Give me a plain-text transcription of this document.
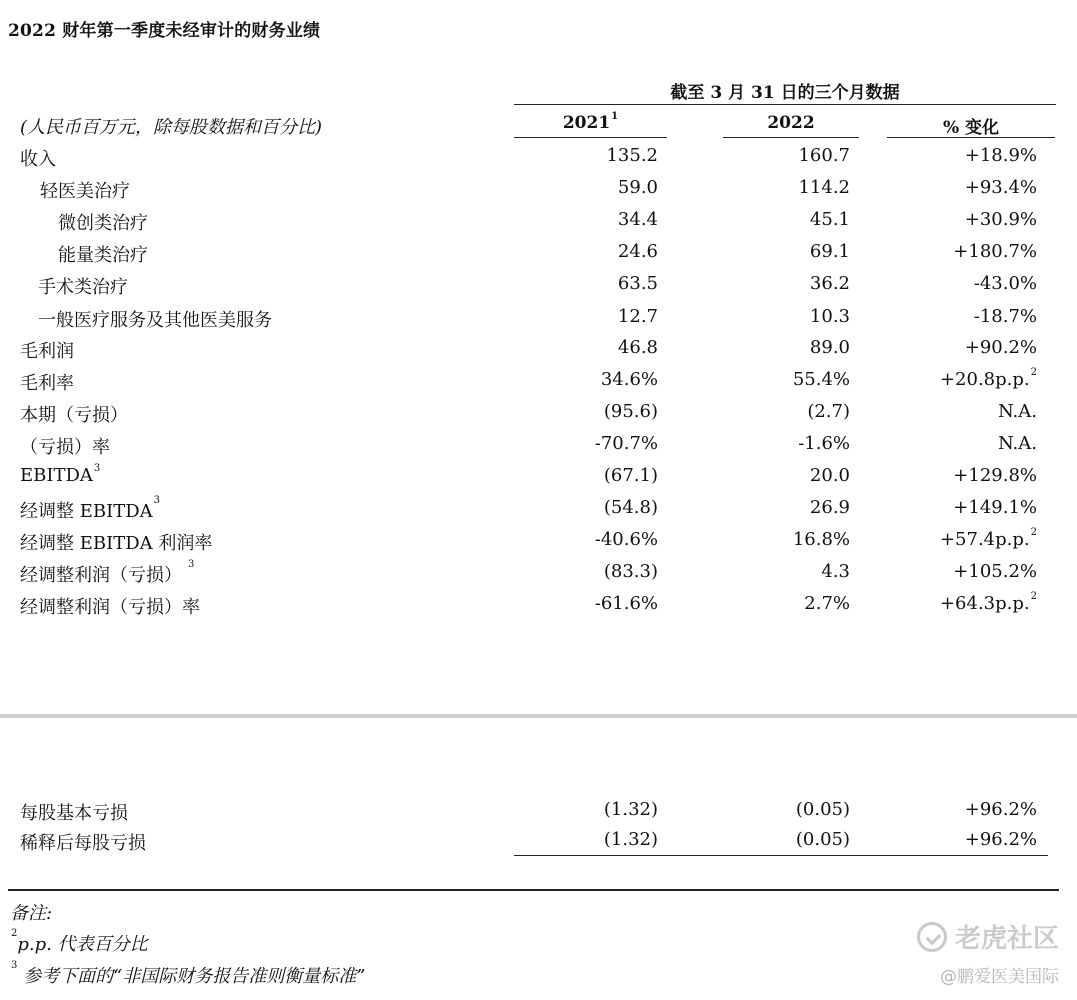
2022 财年第一季度未经审计的财务业绩
截至 3 月 31 日的三个月数据
(人民币百万元，除每股数据和百分比)	2021$^1$	2022	% 变化
收入	135.2	160.7	+18.9%
轻医美治疗	59.0	114.2	+93.4%
微创类治疗	34.4	45.1	+30.9%
能量类治疗	24.6	69.1	+180.7%
手术类治疗	63.5	36.2	-43.0%
一般医疗服务及其他医美服务	12.7	10.3	-18.7%
毛利润	46.8	89.0	+90.2%
毛利率	34.6%	55.4%	+20.8p.p.$^2$
本期（亏损）	(95.6)	(2.7)	N.A.
（亏损）率	-70.7%	-1.6%	N.A.
EBITDA$^3$	(67.1)	20.0	+129.8%
经调整 EBITDA$^3$	(54.8)	26.9	+149.1%
经调整 EBITDA 利润率	-40.6%	16.8%	+57.4p.p.$^2$
经调整利润（亏损）$^3$	(83.3)	4.3	+105.2%
经调整利润（亏损）率	-61.6%	2.7%	+64.3p.p.$^2$
每股基本亏损	(1.32)	(0.05)	+96.2%
稀释后每股亏损	(1.32)	(0.05)	+96.2%
备注:
$^2$p.p. 代表百分比
$^3$ 参考下面的“非国际财务报告准则衡量标准”
老虎社区
@鹏爱医美国际
